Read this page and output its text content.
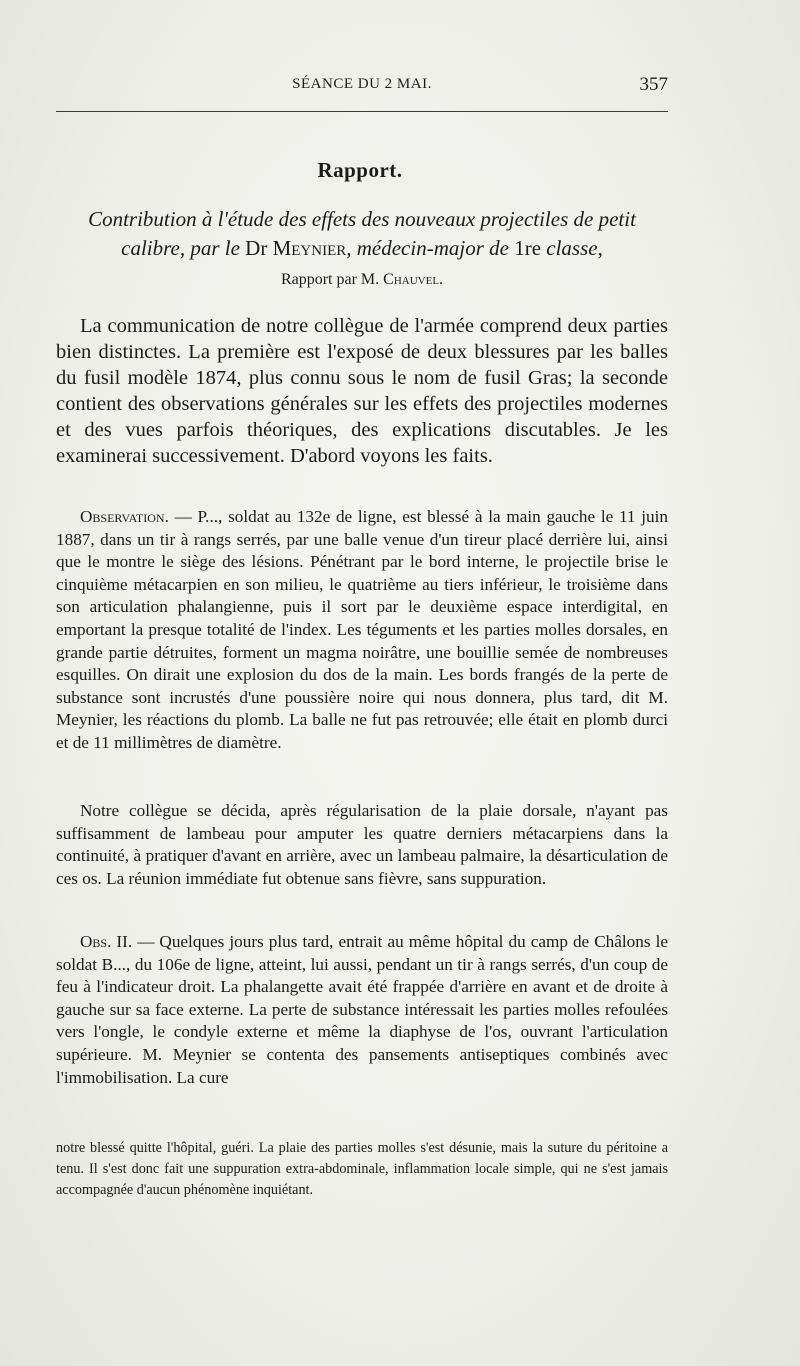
SÉANCE DU 2 MAI.	357
Rapport.
Contribution à l'étude des effets des nouveaux projectiles de petit calibre, par le Dr Meynier, médecin-major de 1re classe,
Rapport par M. Chauvel.

La communication de notre collègue de l'armée comprend deux parties bien distinctes. La première est l'exposé de deux blessures par les balles du fusil modèle 1874, plus connu sous le nom de fusil Gras; la seconde contient des observations générales sur les effets des projectiles modernes et des vues parfois théoriques, des explications discutables. Je les examinerai successivement. D'abord voyons les faits.

Observation. — P..., soldat au 132e de ligne, est blessé à la main gauche le 11 juin 1887, dans un tir à rangs serrés, par une balle venue d'un tireur placé derrière lui, ainsi que le montre le siège des lésions. Pénétrant par le bord interne, le projectile brise le cinquième métacarpien en son milieu, le quatrième au tiers inférieur, le troisième dans son articulation phalangienne, puis il sort par le deuxième espace interdigital, en emportant la presque totalité de l'index. Les téguments et les parties molles dorsales, en grande partie détruites, forment un magma noirâtre, une bouillie semée de nombreuses esquilles. On dirait une explosion du dos de la main. Les bords frangés de la perte de substance sont incrustés d'une poussière noire qui nous donnera, plus tard, dit M. Meynier, les réactions du plomb. La balle ne fut pas retrouvée; elle était en plomb durci et de 11 millimètres de diamètre.

Notre collègue se décida, après régularisation de la plaie dorsale, n'ayant pas suffisamment de lambeau pour amputer les quatre derniers métacarpiens dans la continuité, à pratiquer d'avant en arrière, avec un lambeau palmaire, la désarticulation de ces os. La réunion immédiate fut obtenue sans fièvre, sans suppuration.

Obs. II. — Quelques jours plus tard, entrait au même hôpital du camp de Châlons le soldat B..., du 106e de ligne, atteint, lui aussi, pendant un tir à rangs serrés, d'un coup de feu à l'indicateur droit. La phalangette avait été frappée d'arrière en avant et de droite à gauche sur sa face externe. La perte de substance intéressait les parties molles refoulées vers l'ongle, le condyle externe et même la diaphyse de l'os, ouvrant l'articulation supérieure. M. Meynier se contenta des pansements antiseptiques combinés avec l'immobilisation. La cure

notre blessé quitte l'hôpital, guéri. La plaie des parties molles s'est désunie, mais la suture du péritoine a tenu. Il s'est donc fait une suppuration extra-abdominale, inflammation locale simple, qui ne s'est jamais accompagnée d'aucun phénomène inquiétant.
